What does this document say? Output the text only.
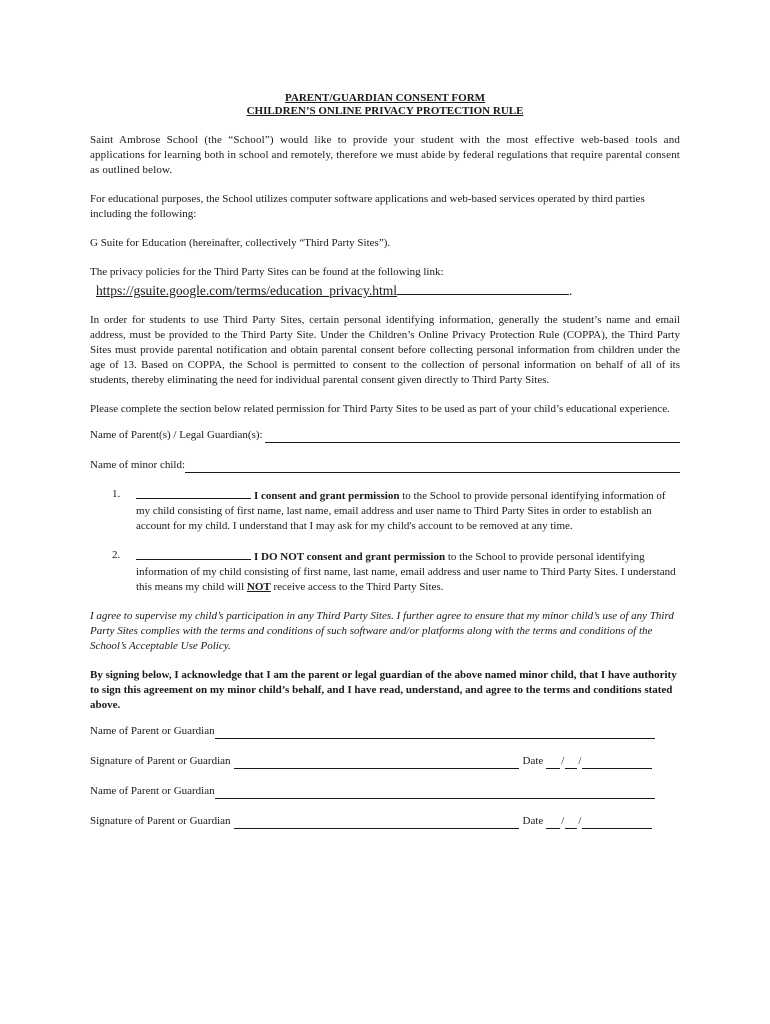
PARENT/GUARDIAN CONSENT FORM

CHILDREN’S ONLINE PRIVACY PROTECTION RULE

Saint Ambrose School (the “School”) would like to provide your student with the most effective web-based tools and applications for learning both in school and remotely, therefore we must abide by federal regulations that require parental consent as outlined below.

For educational purposes, the School utilizes computer software applications and web-based services operated by third parties including the following:

G Suite for Education (hereinafter, collectively “Third Party Sites”).

The privacy policies for the Third Party Sites can be found at the following link:

https://gsuite.google.com/terms/education_privacy.html	.

In order for students to use Third Party Sites, certain personal identifying information, generally the student’s name and email address, must be provided to the Third Party Site. Under the Children’s Online Privacy Protection Rule (COPPA), the Third Party Sites must provide parental notification and obtain parental consent before collecting personal information from children under the age of 13. Based on COPPA, the School is permitted to consent to the collection of personal information on behalf of all of its students, thereby eliminating the need for individual parental consent given directly to Third Party Sites.

Please complete the section below related permission for Third Party Sites to be used as part of your child’s educational experience.

Name of Parent(s) / Legal Guardian(s):
Name of minor child:
1.	I consent and grant permission to the School to provide personal identifying information of my child consisting of first name, last name, email address and user name to Third Party Sites in order to establish an account for my child. I understand that I may ask for my child's account to be removed at any time.
2.	I DO NOT consent and grant permission to the School to provide personal identifying information of my child consisting of first name, last name, email address and user name to Third Party Sites. I understand this means my child will NOT receive access to the Third Party Sites.

I agree to supervise my child’s participation in any Third Party Sites. I further agree to ensure that my minor child’s use of any Third Party Sites complies with the terms and conditions of such software and/or platforms along with the terms and conditions of the School’s Acceptable Use Policy.

By signing below, I acknowledge that I am the parent or legal guardian of the above named minor child, that I have authority to sign this agreement on my minor child’s behalf, and I have read, understand, and agree to the terms and conditions stated above.

Name of Parent or Guardian
Signature of Parent or Guardian	Date / /
Name of Parent or Guardian
Signature of Parent or Guardian	Date / /
